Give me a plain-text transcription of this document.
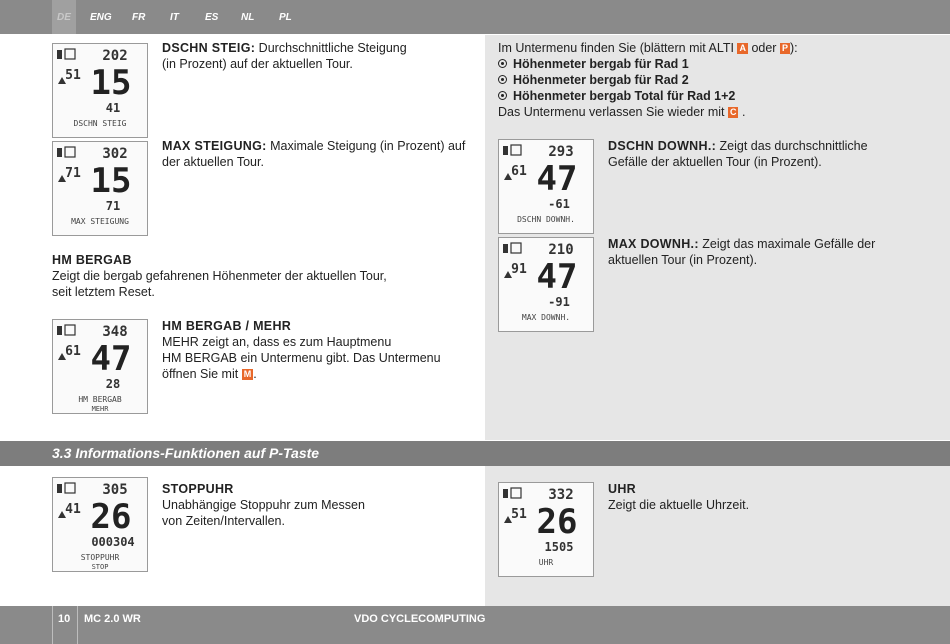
DE ENG FR IT	ES NL PL
202
51 15
41
DSCHN STEIG
DSCHN STEIG: Durchschnittliche Steigung
(in Prozent) auf der aktuellen Tour.
302
71 15
71
MAX STEIGUNG
MAX STEIGUNG: Maximale Steigung (in Prozent) auf
der aktuellen Tour.
HM BERGAB
Zeigt die bergab gefahrenen Höhenmeter der aktuellen Tour,
seit letztem Reset.
348
61 47
28
HM BERGAB
MEHR
HM BERGAB / MEHR
MEHR zeigt an, dass es zum Hauptmenu
HM BERGAB ein Untermenu gibt. Das Untermenu
öffnen Sie mit M .
Im Untermenu finden Sie (blättern mit ALTI A oder P ):
Höhenmeter bergab für Rad 1
Höhenmeter bergab für Rad 2
Höhenmeter bergab Total für Rad 1+2
Das Untermenu verlassen Sie wieder mit C .
293
61 47
-61
DSCHN DOWNH.
DSCHN DOWNH.: Zeigt das durchschnittliche
Gefälle der aktuellen Tour (in Prozent).
210
91 47
-91
MAX DOWNH.
MAX DOWNH.: Zeigt das maximale Gefälle der
aktuellen Tour (in Prozent).
3.3 Informations-Funktionen auf P-Taste
305
41 26
000304
STOPPUHR
STOP
STOPPUHR
Unabhängige Stoppuhr zum Messen
von Zeiten/Intervallen.
332
51 26
1505
UHR
UHR
Zeigt die aktuelle Uhrzeit.
10 MC 2.0 WR	VDO CYCLECOMPUTING
